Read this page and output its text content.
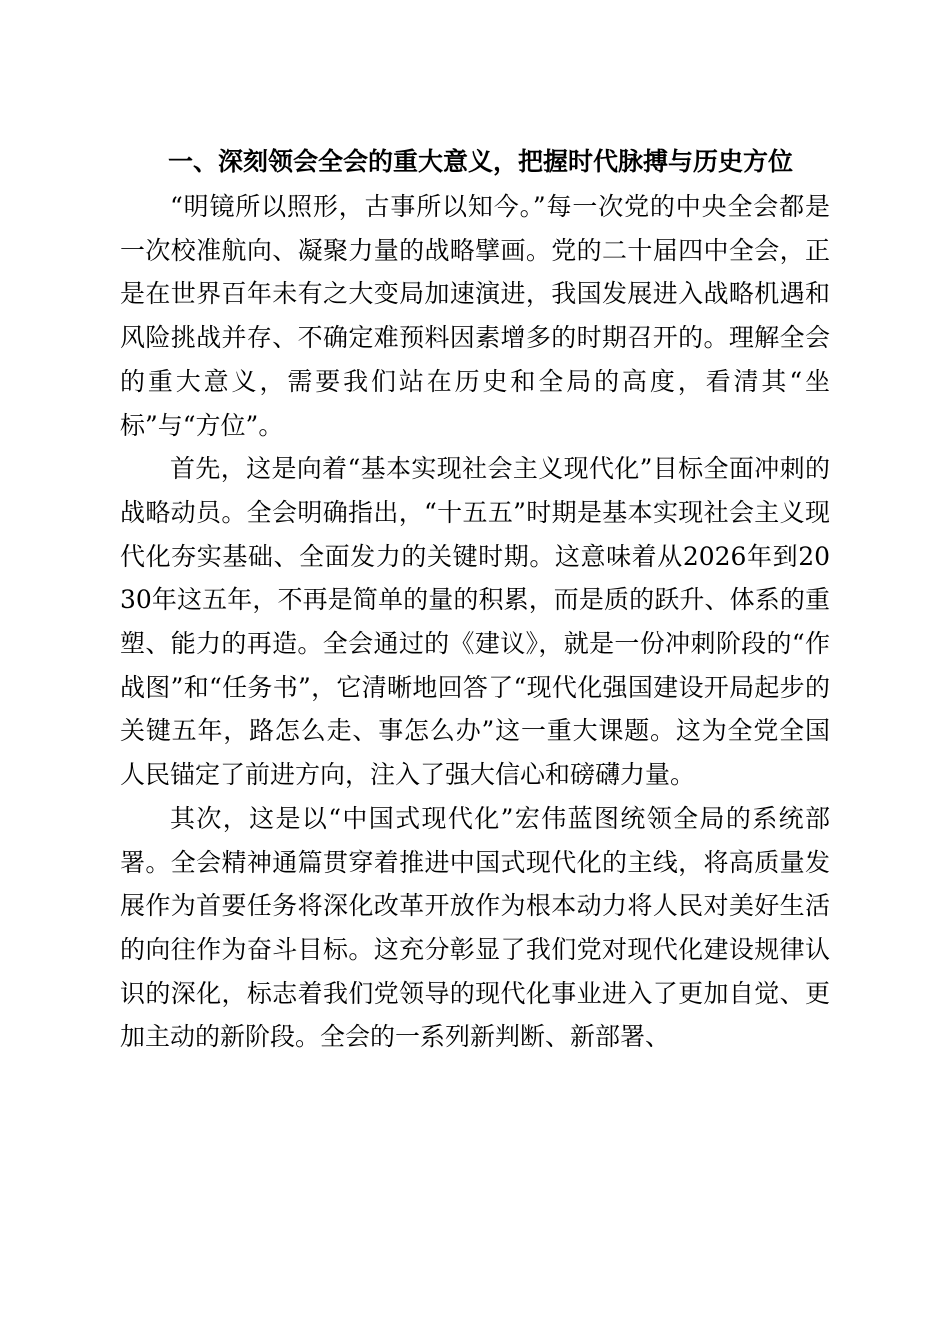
一、深刻领会全会的重大意义，把握时代脉搏与历史方位

“明镜所以照形，古事所以知今。”每一次党的中央全会都是一次校准航向、凝聚力量的战略擘画。党的二十届四中全会，正是在世界百年未有之大变局加速演进，我国发展进入战略机遇和风险挑战并存、不确定难预料因素增多的时期召开的。理解全会的重大意义，需要我们站在历史和全局的高度，看清其“坐标”与“方位”。

首先，这是向着“基本实现社会主义现代化”目标全面冲刺的战略动员。全会明确指出，“十五五”时期是基本实现社会主义现代化夯实基础、全面发力的关键时期。这意味着从2026年到2030年这五年，不再是简单的量的积累，而是质的跃升、体系的重塑、能力的再造。全会通过的《建议》，就是一份冲刺阶段的“作战图”和“任务书”，它清晰地回答了“现代化强国建设开局起步的关键五年，路怎么走、事怎么办”这一重大课题。这为全党全国人民锚定了前进方向，注入了强大信心和磅礴力量。

其次，这是以“中国式现代化”宏伟蓝图统领全局的系统部署。全会精神通篇贯穿着推进中国式现代化的主线，将高质量发展作为首要任务将深化改革开放作为根本动力将人民对美好生活的向往作为奋斗目标。这充分彰显了我们党对现代化建设规律认识的深化，标志着我们党领导的现代化事业进入了更加自觉、更加主动的新阶段。全会的一系列新判断、新部署、
